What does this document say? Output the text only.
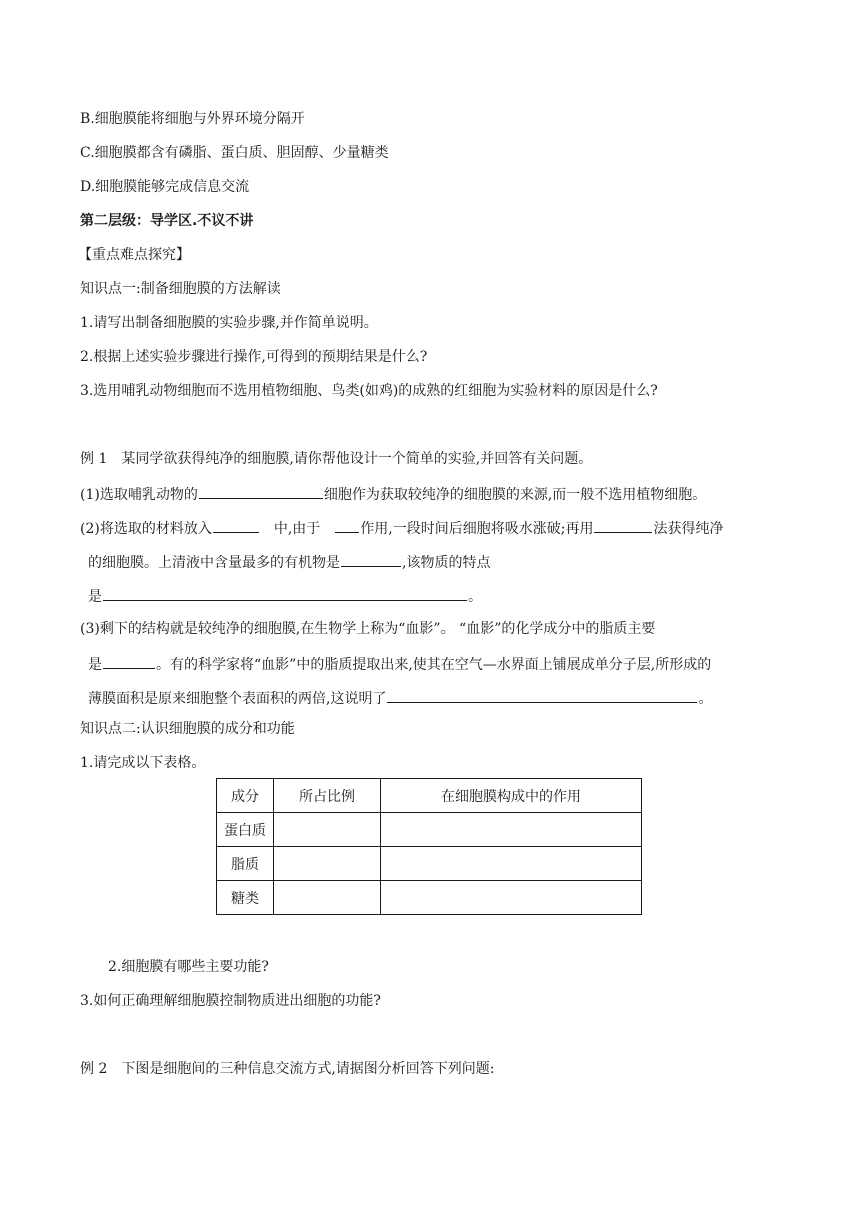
B.细胞膜能将细胞与外界环境分隔开
C.细胞膜都含有磷脂、蛋白质、胆固醇、少量糖类
D.细胞膜能够完成信息交流
第二层级：导学区.不议不讲
【重点难点探究】
知识点一:制备细胞膜的方法解读
1.请写出制备细胞膜的实验步骤,并作简单说明。
2.根据上述实验步骤进行操作,可得到的预期结果是什么?
3.选用哺乳动物细胞而不选用植物细胞、鸟类(如鸡)的成熟的红细胞为实验材料的原因是什么?
例 1　某同学欲获得纯净的细胞膜,请你帮他设计一个简单的实验,并回答有关问题。
(1)选取哺乳动物的	细胞作为获取较纯净的细胞膜的来源,而一般不选用植物细胞。
(2)将选取的材料放入	中,由于	作用,一段时间后细胞将吸水涨破;再用	法获得纯净
的细胞膜。上清液中含量最多的有机物是	,该物质的特点
是	。
(3)剩下的结构就是较纯净的细胞膜,在生物学上称为“血影”。 “血影”的化学成分中的脂质主要
是	。有的科学家将“血影”中的脂质提取出来,使其在空气—水界面上铺展成单分子层,所形成的
薄膜面积是原来细胞整个表面积的两倍,这说明了	。
知识点二:认识细胞膜的成分和功能
1.请完成以下表格。
成分	所占比例	在细胞膜构成中的作用
蛋白质		
脂质		
糖类		
2.细胞膜有哪些主要功能?
3.如何正确理解细胞膜控制物质进出细胞的功能?
例 2　下图是细胞间的三种信息交流方式,请据图分析回答下列问题:
